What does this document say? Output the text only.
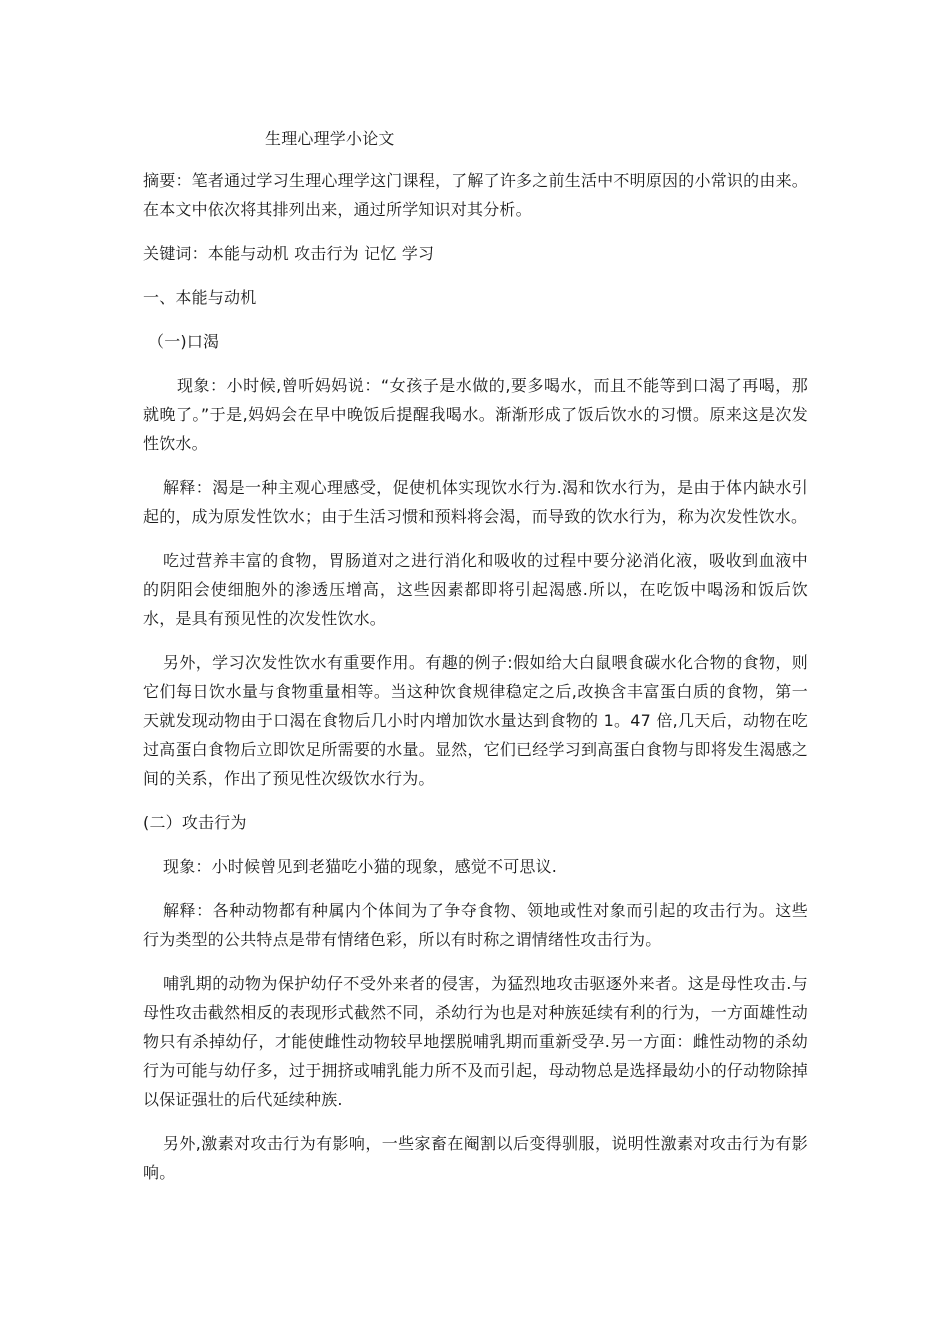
生理心理学小论文

摘要：笔者通过学习生理心理学这门课程，了解了许多之前生活中不明原因的小常识的由来。在本文中依次将其排列出来，通过所学知识对其分析。

关键词：本能与动机 攻击行为 记忆 学习

一、本能与动机

（一)口渴

现象：小时候,曾听妈妈说：“女孩子是水做的,要多喝水，而且不能等到口渴了再喝，那就晚了。”于是,妈妈会在早中晚饭后提醒我喝水。渐渐形成了饭后饮水的习惯。原来这是次发性饮水。

解释：渴是一种主观心理感受，促使机体实现饮水行为.渴和饮水行为，是由于体内缺水引起的，成为原发性饮水；由于生活习惯和预料将会渴，而导致的饮水行为，称为次发性饮水。

吃过营养丰富的食物，胃肠道对之进行消化和吸收的过程中要分泌消化液，吸收到血液中的阴阳会使细胞外的渗透压增高，这些因素都即将引起渴感.所以，在吃饭中喝汤和饭后饮水，是具有预见性的次发性饮水。

另外，学习次发性饮水有重要作用。有趣的例子:假如给大白鼠喂食碳水化合物的食物，则它们每日饮水量与食物重量相等。当这种饮食规律稳定之后,改换含丰富蛋白质的食物，第一天就发现动物由于口渴在食物后几小时内增加饮水量达到食物的 1。47 倍,几天后，动物在吃过高蛋白食物后立即饮足所需要的水量。显然，它们已经学习到高蛋白食物与即将发生渴感之间的关系，作出了预见性次级饮水行为。

(二）攻击行为

现象：小时候曾见到老猫吃小猫的现象，感觉不可思议.

解释：各种动物都有种属内个体间为了争夺食物、领地或性对象而引起的攻击行为。这些行为类型的公共特点是带有情绪色彩，所以有时称之谓情绪性攻击行为。

哺乳期的动物为保护幼仔不受外来者的侵害，为猛烈地攻击驱逐外来者。这是母性攻击.与母性攻击截然相反的表现形式截然不同，杀幼行为也是对种族延续有利的行为，一方面雄性动物只有杀掉幼仔，才能使雌性动物较早地摆脱哺乳期而重新受孕.另一方面：雌性动物的杀幼行为可能与幼仔多，过于拥挤或哺乳能力所不及而引起，母动物总是选择最幼小的仔动物除掉以保证强壮的后代延续种族.

另外,激素对攻击行为有影响，一些家畜在阉割以后变得驯服，说明性激素对攻击行为有影响。
